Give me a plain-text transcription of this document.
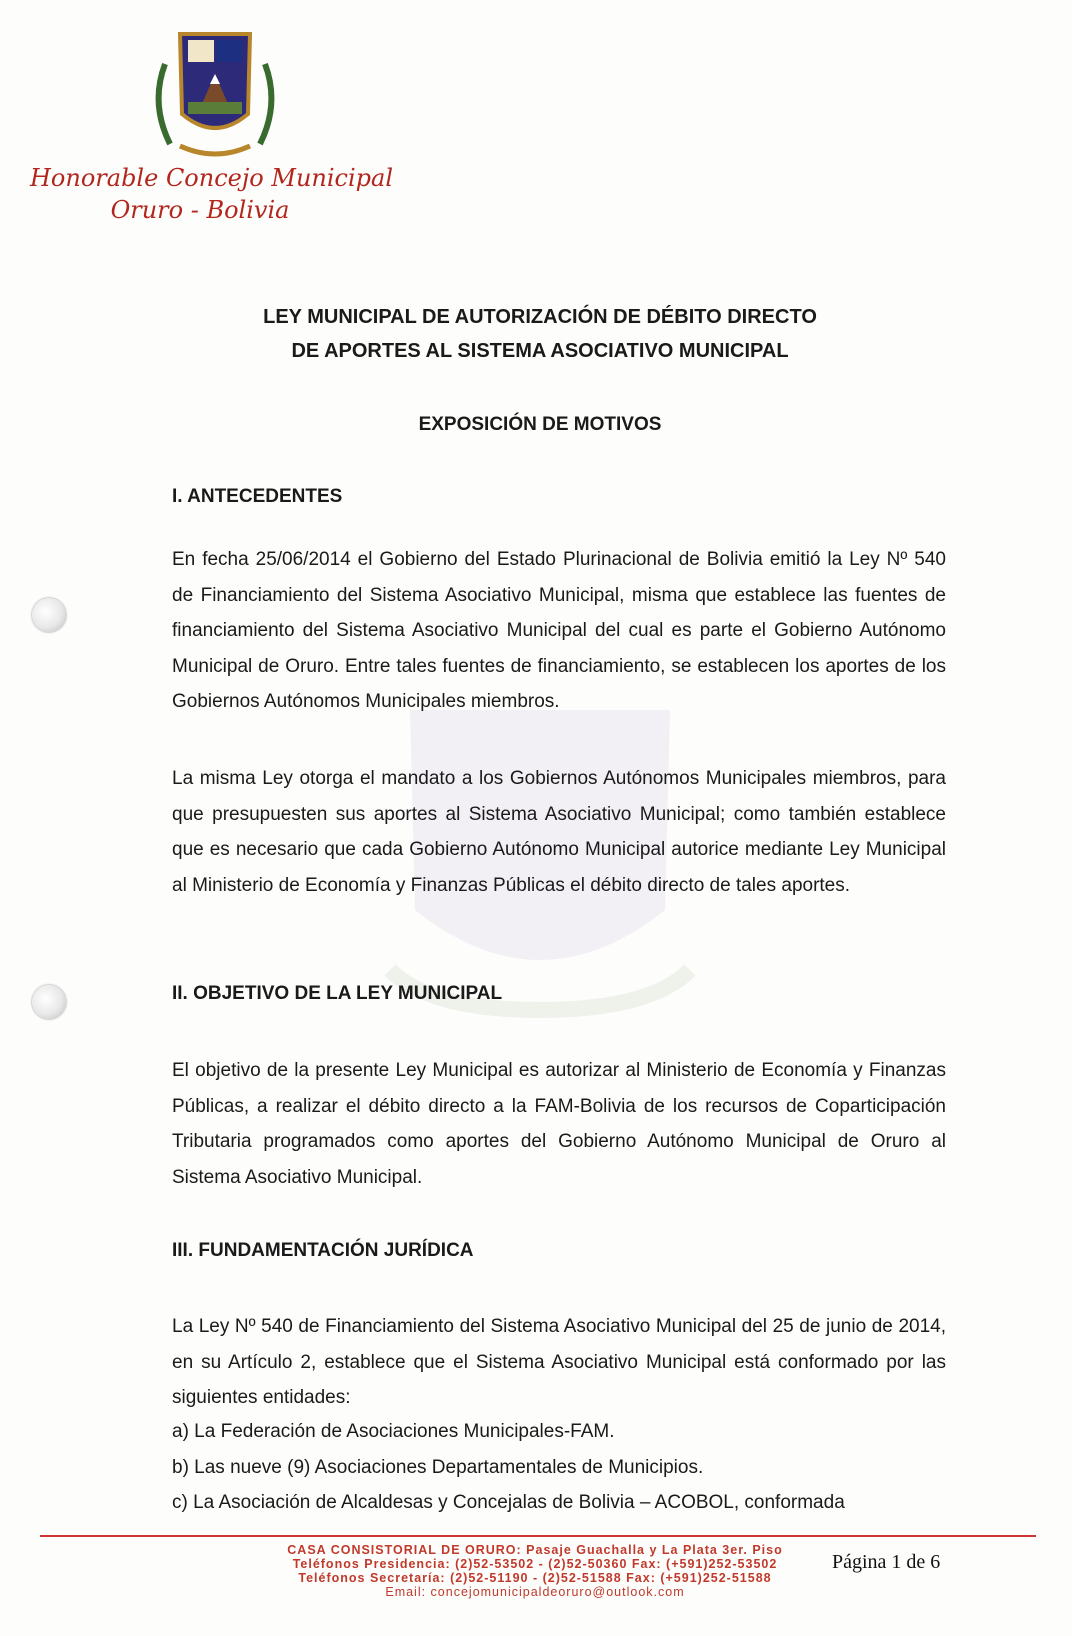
Honorable Concejo Municipal
Oruro - Bolivia
LEY MUNICIPAL DE AUTORIZACIÓN DE DÉBITO DIRECTO
DE APORTES AL SISTEMA ASOCIATIVO MUNICIPAL
EXPOSICIÓN DE MOTIVOS
I. ANTECEDENTES
En fecha 25/06/2014 el Gobierno del Estado Plurinacional de Bolivia emitió la Ley Nº 540 de Financiamiento del Sistema Asociativo Municipal, misma que establece las fuentes de financiamiento del Sistema Asociativo Municipal del cual es parte el Gobierno Autónomo Municipal de Oruro. Entre tales fuentes de financiamiento, se establecen los aportes de los Gobiernos Autónomos Municipales miembros.
La misma Ley otorga el mandato a los Gobiernos Autónomos Municipales miembros, para que presupuesten sus aportes al Sistema Asociativo Municipal; como también establece que es necesario que cada Gobierno Autónomo Municipal autorice mediante Ley Municipal al Ministerio de Economía y Finanzas Públicas el débito directo de tales aportes.
II. OBJETIVO DE LA LEY MUNICIPAL
El objetivo de la presente Ley Municipal es autorizar al Ministerio de Economía y Finanzas Públicas, a realizar el débito directo a la FAM-Bolivia de los recursos de Coparticipación Tributaria programados como aportes del Gobierno Autónomo Municipal de Oruro al Sistema Asociativo Municipal.
III. FUNDAMENTACIÓN JURÍDICA
La Ley Nº 540 de Financiamiento del Sistema Asociativo Municipal del 25 de junio de 2014, en su Artículo 2, establece que el Sistema Asociativo Municipal está conformado por las siguientes entidades:
a) La Federación de Asociaciones Municipales-FAM.
b) Las nueve (9) Asociaciones Departamentales de Municipios.
c) La Asociación de Alcaldesas y Concejalas de Bolivia – ACOBOL, conformada
CASA CONSISTORIAL DE ORURO: Pasaje Guachalla y La Plata 3er. Piso
Teléfonos Presidencia: (2)52-53502 - (2)52-50360 Fax: (+591)252-53502
Teléfonos Secretaría: (2)52-51190 - (2)52-51588 Fax: (+591)252-51588
Email: concejomunicipaldeoruro@outlook.com
Página 1 de 6
